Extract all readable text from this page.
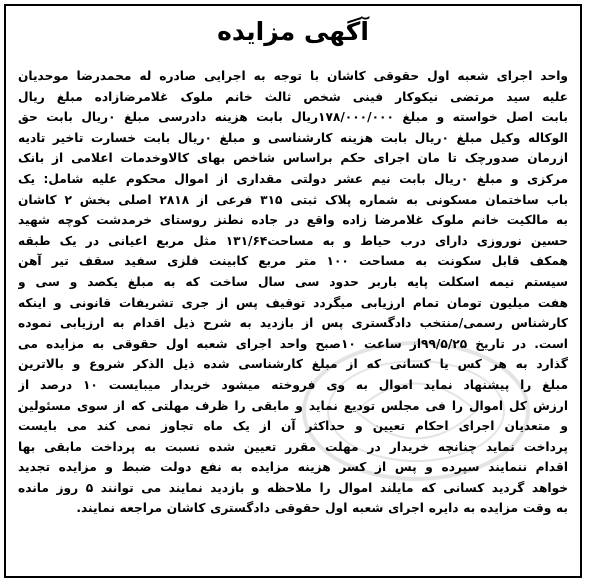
آگهی مزایده
واحد اجرای شعبه اول حقوقی کاشان با توجه به اجرایی صادره له محمدرضا موحدیان
علیه سید مرتضی نیکوکار فینی شخص ثالث خانم ملوک غلامرضازاده مبلغ ریال
بابت اصل خواسته و مبلغ ۱۷۸/۰۰۰/۰۰۰ریال بابت هزینه دادرسی مبلغ ۰ریال بابت حق
الوکاله وکیل مبلغ ۰ریال بابت هزینه کارشناسی و مبلغ ۰ریال بابت خسارت تاخیر تادیه
ازرمان صدورچک تا مان اجرای حکم براساس شاخص بهای کالاوخدمات اعلامی از بانک
مرکزی و مبلغ ۰ریال بابت نیم عشر دولتی مقداری از اموال محکوم علیه شامل: یک
باب ساختمان مسکونی به شماره پلاک ثبتی ۳۱۵ فرعی از ۲۸۱۸ اصلی بخش ۲ کاشان
به مالکیت خانم ملوک غلامرضا زاده واقع در جاده نطنز روستای خرمدشت کوچه شهید
حسین نوروزی دارای درب حیاط و به مساحت۱۳۱/۶۴ مثل مربع اعیانی در یک طبقه
همکف قابل سکونت به مساحت ۱۰۰ متر مربع کابینت فلزی سفید سقف تیر آهن
سیستم نیمه اسکلت پایه باربر حدود سی سال ساخت که به مبلغ یکصد و سی و
هفت میلیون تومان تمام ارزیابی میگردد توقیف پس از جری تشریفات قانونی و اینکه
کارشناس رسمی/منتخب دادگستری پس از بازدید به شرح ذیل اقدام به ارزیابی نموده
است. در تاریخ ۹۹/۵/۲۵از ساعت ۱۰صبح واحد اجرای شعبه اول حقوقی به مزایده می
گذارد به هر کس یا کسانی که از مبلغ کارشناسی شده ذیل الذکر شروع و بالاترین
مبلغ را پیشنهاد نماید اموال به وی فروخته میشود خریدار میبایست ۱۰ درصد از
ارزش کل اموال را فی مجلس تودیع نماید و مابقی را ظرف مهلتی که از سوی مسئولین
و متعدیان اجرای احکام تعیین و حداکثر آن از یک ماه تجاوز نمی کند می بایست
پرداخت نماید چنانچه خریدار در مهلت مقرر تعیین شده نسبت به پرداخت مابقی بها
اقدام ننمایند سپرده و پس از کسر هزینه مزایده به نفع دولت ضبط و مزایده تجدید
خواهد گردید کسانی که مایلند اموال را ملاحظه و بازدید نمایند می توانند ۵ روز مانده
به وقت مزایده به دایره اجرای شعبه اول حقوقی دادگستری کاشان مراجعه نمایند.
